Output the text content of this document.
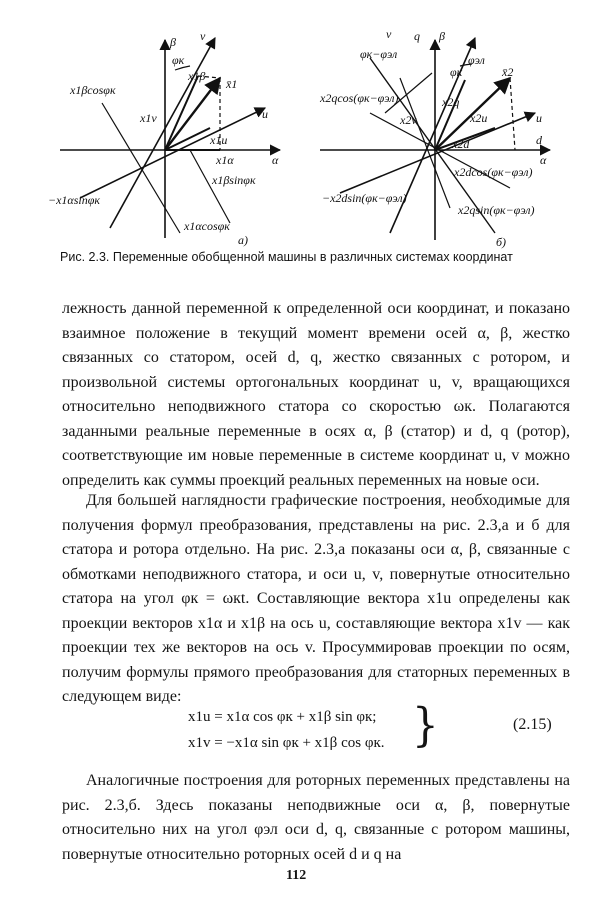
β
α
u
v
φк
x̄1
x1β
x1v
x1u
x1α
x1βcosφк
x1βsinφк
−x1αsinφк
x1αcosφк
а)
v q β
u
d
α
φк−φэл	φэл
φк	x̄2
x2v
x2q
x2u
x2d
x2qcos(φк−φэл)
x2dcos(φк−φэл)
−x2dsin(φк−φэл)
x2qsin(φк−φэл)
б)
Рис. 2.3. Переменные обобщенной машины в различных системах координат

лежность данной переменной к определенной оси координат, и показано взаимное положение в текущий момент времени осей α, β, жестко связанных со статором, осей d, q, жестко связанных с ротором, и произвольной системы ортогональных координат u, v, вращающихся относительно неподвижного статора со скоростью ωк. Полагаются заданными реальные переменные в осях α, β (статор) и d, q (ротор), соответствующие им новые переменные в системе координат u, v можно определить как суммы проекций реальных переменных на новые оси.

Для большей наглядности графические построения, необходимые для получения формул преобразования, представлены на рис. 2.3,а и б для статора и ротора отдельно. На рис. 2.3,а показаны оси α, β, связанные с обмотками неподвижного статора, и оси u, v, повернутые относительно статора на угол φк = ωкt. Составляющие вектора x1u определены как проекции векторов x1α и x1β на ось u, составляющие вектора x1v — как проекции тех же векторов на ось v. Просуммировав проекции по осям, получим формулы прямого преобразования для статорных переменных в следующем виде:

x1u = x1α cos φк + x1β sin φк;
x1v = −x1α sin φк + x1β cos φк. }	(2.15)

Аналогичные построения для роторных переменных представлены на рис. 2.3,б. Здесь показаны неподвижные оси α, β, повернутые относительно них на угол φэл оси d, q, связанные с ротором машины, повернутые относительно роторных осей d и q на

112
